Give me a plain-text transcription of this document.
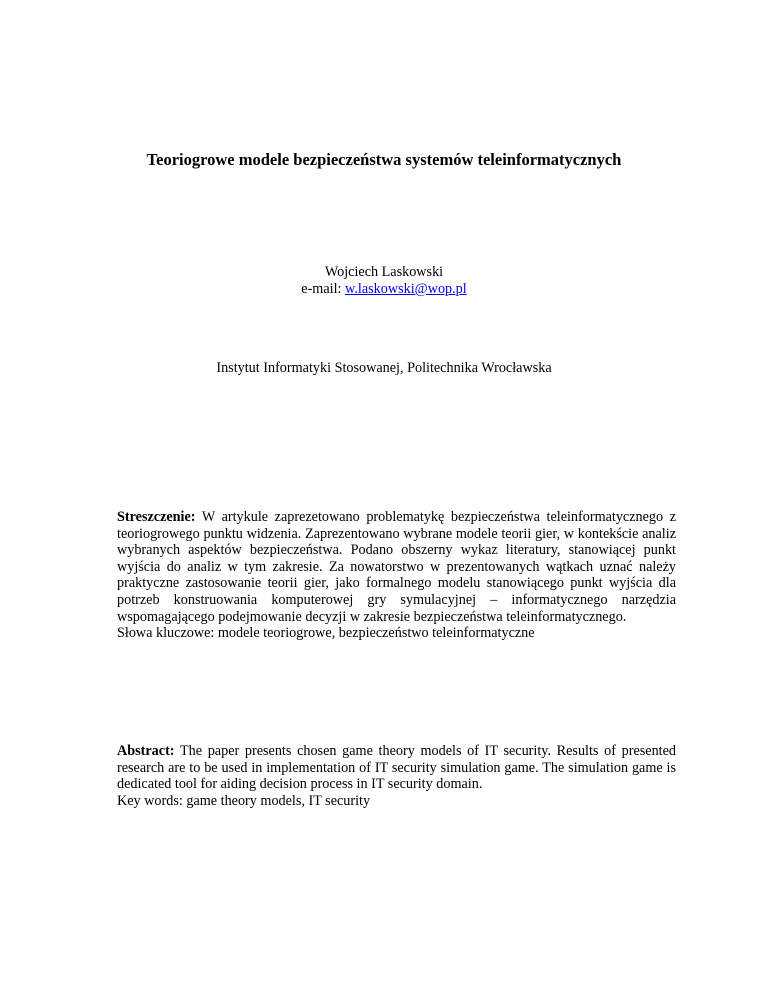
Teoriogrowe modele bezpieczeństwa systemów teleinformatycznych
Wojciech Laskowski
e-mail: w.laskowski@wop.pl
Instytut Informatyki Stosowanej, Politechnika Wrocławska
Streszczenie: W artykule zaprezetowano problematykę bezpieczeństwa teleinformatycznego z teoriogrowego punktu widzenia. Zaprezentowano wybrane modele teorii gier, w kontekście analiz wybranych aspektów bezpieczeństwa. Podano obszerny wykaz literatury, stanowiącej punkt wyjścia do analiz w tym zakresie. Za nowatorstwo w prezentowanych wątkach uznać należy praktyczne zastosowanie teorii gier, jako formalnego modelu stanowiącego punkt wyjścia dla potrzeb konstruowania komputerowej gry symulacyjnej – informatycznego narzędzia wspomagającego podejmowanie decyzji w zakresie bezpieczeństwa teleinformatycznego.
Słowa kluczowe: modele teoriogrowe, bezpieczeństwo teleinformatyczne
Abstract: The paper presents chosen game theory models of IT security. Results of presented research are to be used in implementation of IT security simulation game. The simulation game is dedicated tool for aiding decision process in IT security domain.
Key words: game theory models, IT security
